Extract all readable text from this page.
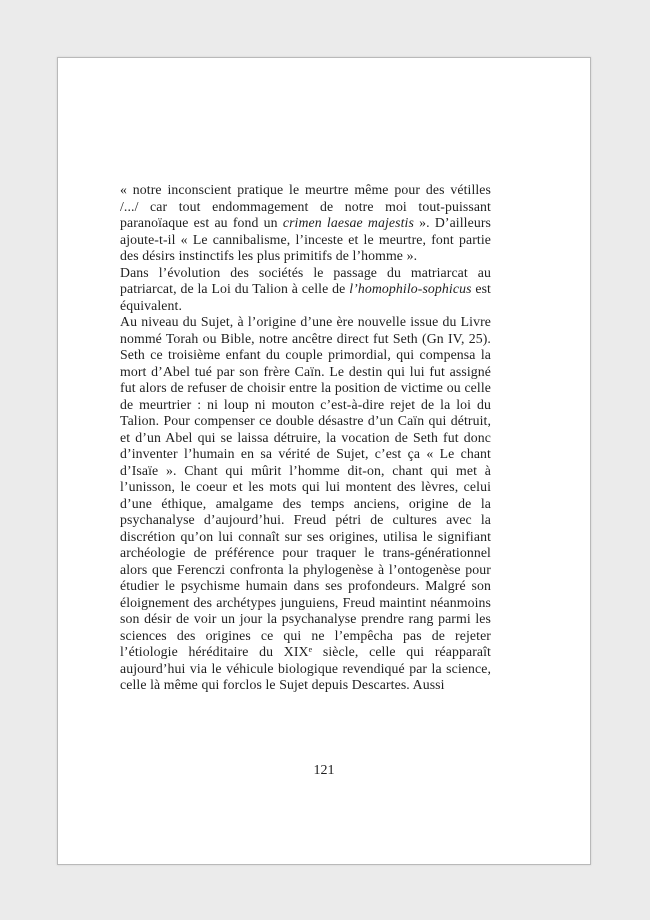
« notre inconscient pratique le meurtre même pour des vétilles /.../ car tout endommagement de notre moi tout-puissant paranoïaque est au fond un crimen laesae majestis ». D’ailleurs ajoute-t-il « Le cannibalisme, l’inceste et le meurtre, font partie des désirs instinctifs les plus primitifs de l’homme ».

Dans l’évolution des sociétés le passage du matriarcat au patriarcat, de la Loi du Talion à celle de l’homophilo-sophicus est équivalent.

Au niveau du Sujet, à l’origine d’une ère nouvelle issue du Livre nommé Torah ou Bible, notre ancêtre direct fut Seth (Gn IV, 25). Seth ce troisième enfant du couple primordial, qui compensa la mort d’Abel tué par son frère Caïn. Le destin qui lui fut assigné fut alors de refuser de choisir entre la position de victime ou celle de meurtrier : ni loup ni mouton c’est-à-dire rejet de la loi du Talion. Pour compenser ce double désastre d’un Caïn qui détruit, et d’un Abel qui se laissa détruire, la vocation de Seth fut donc d’inventer l’humain en sa vérité de Sujet, c’est ça « Le chant d’Isaïe ». Chant qui mûrit l’homme dit-on, chant qui met à l’unisson, le coeur et les mots qui lui montent des lèvres, celui d’une éthique, amalgame des temps anciens, origine de la psychanalyse d’aujourd’hui. Freud pétri de cultures avec la discrétion qu’on lui connaît sur ses origines, utilisa le signifiant archéologie de préférence pour traquer le trans-générationnel alors que Ferenczi confronta la phylogenèse à l’ontogenèse pour étudier le psychisme humain dans ses profondeurs. Malgré son éloignement des archétypes junguiens, Freud maintint néanmoins son désir de voir un jour la psychanalyse prendre rang parmi les sciences des origines ce qui ne l’empêcha pas de rejeter l’étiologie héréditaire du XIXᵉ siècle, celle qui réapparaît aujourd’hui via le véhicule biologique revendiqué par la science, celle là même qui forclos le Sujet depuis Descartes. Aussi

121
